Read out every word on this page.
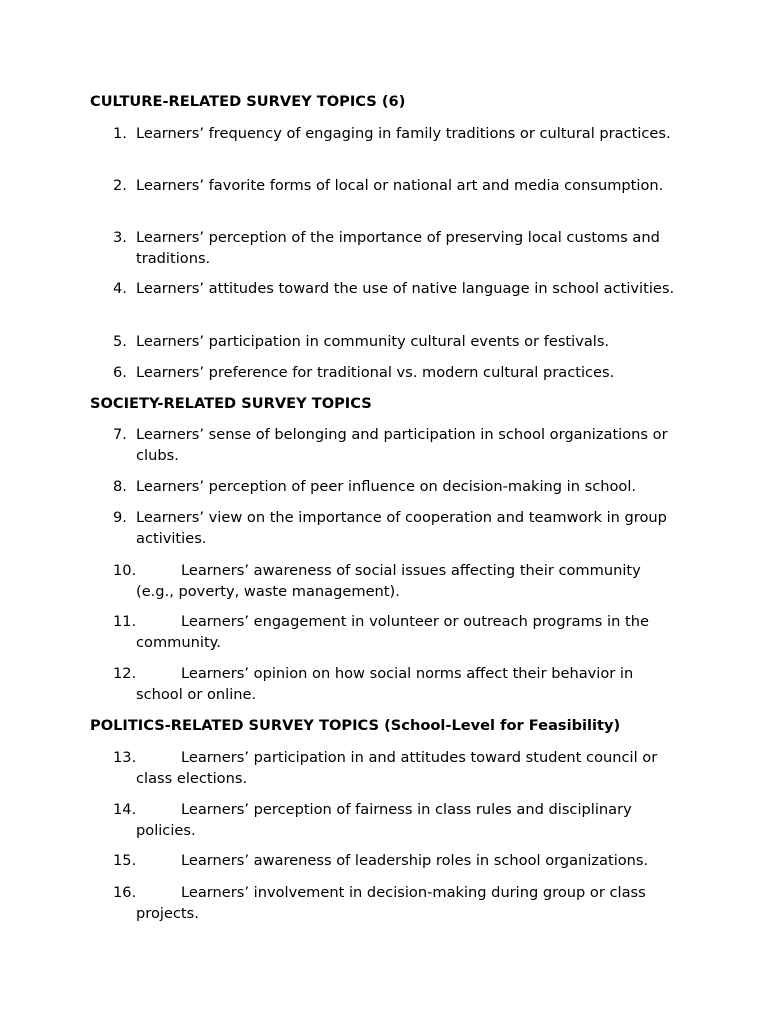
CULTURE-RELATED SURVEY TOPICS (6)
1. Learners’ frequency of engaging in family traditions or cultural practices.
2. Learners’ favorite forms of local or national art and media consumption.
3. Learners’ perception of the importance of preserving local customs and traditions.
4. Learners’ attitudes toward the use of native language in school activities.
5. Learners’ participation in community cultural events or festivals.
6. Learners’ preference for traditional vs. modern cultural practices.
SOCIETY-RELATED SURVEY TOPICS
7. Learners’ sense of belonging and participation in school organizations or clubs.
8. Learners’ perception of peer influence on decision-making in school.
9. Learners’ view on the importance of cooperation and teamwork in group activities.
10.	Learners’ awareness of social issues affecting their community (e.g., poverty, waste management).
11.	Learners’ engagement in volunteer or outreach programs in the community.
12.	Learners’ opinion on how social norms affect their behavior in school or online.
POLITICS-RELATED SURVEY TOPICS (School-Level for Feasibility)
13.	Learners’ participation in and attitudes toward student council or class elections.
14.	Learners’ perception of fairness in class rules and disciplinary policies.
15.	Learners’ awareness of leadership roles in school organizations.
16.	Learners’ involvement in decision-making during group or class projects.
